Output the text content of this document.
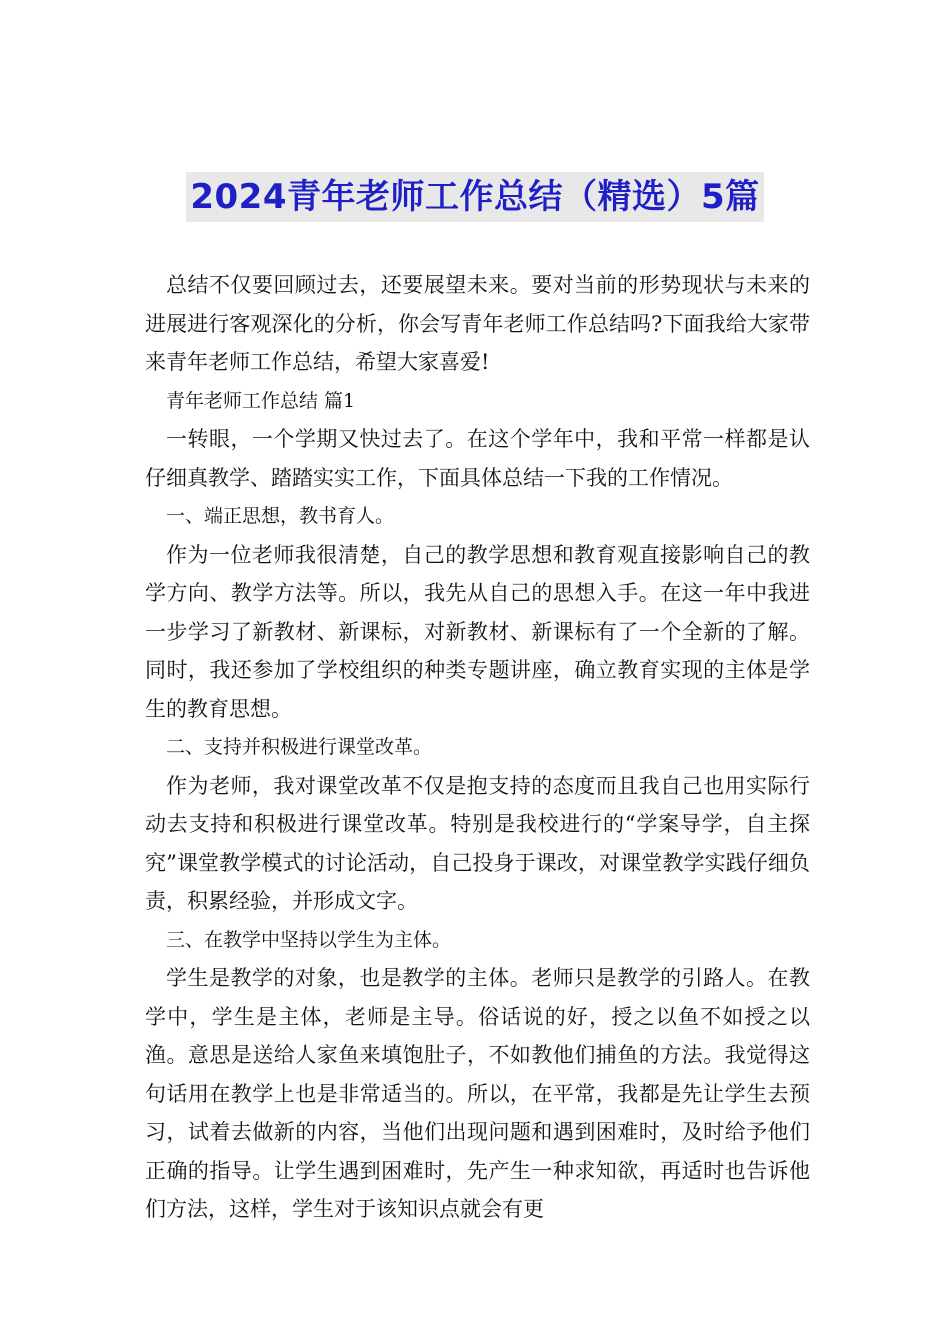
2024青年老师工作总结（精选）5篇

总结不仅要回顾过去，还要展望未来。要对当前的形势现状与未来的进展进行客观深化的分析，你会写青年老师工作总结吗?下面我给大家带来青年老师工作总结，希望大家喜爱!

青年老师工作总结 篇1

一转眼，一个学期又快过去了。在这个学年中，我和平常一样都是认仔细真教学、踏踏实实工作，下面具体总结一下我的工作情况。

一、端正思想，教书育人。

作为一位老师我很清楚，自己的教学思想和教育观直接影响自己的教学方向、教学方法等。所以，我先从自己的思想入手。在这一年中我进一步学习了新教材、新课标，对新教材、新课标有了一个全新的了解。同时，我还参加了学校组织的种类专题讲座，确立教育实现的主体是学生的教育思想。

二、支持并积极进行课堂改革。

作为老师，我对课堂改革不仅是抱支持的态度而且我自己也用实际行动去支持和积极进行课堂改革。特别是我校进行的“学案导学，自主探究”课堂教学模式的讨论活动，自己投身于课改，对课堂教学实践仔细负责，积累经验，并形成文字。

三、在教学中坚持以学生为主体。

学生是教学的对象，也是教学的主体。老师只是教学的引路人。在教学中，学生是主体，老师是主导。俗话说的好，授之以鱼不如授之以渔。意思是送给人家鱼来填饱肚子，不如教他们捕鱼的方法。我觉得这句话用在教学上也是非常适当的。所以，在平常，我都是先让学生去预习，试着去做新的内容，当他们出现问题和遇到困难时，及时给予他们正确的指导。让学生遇到困难时，先产生一种求知欲，再适时也告诉他们方法，这样，学生对于该知识点就会有更
